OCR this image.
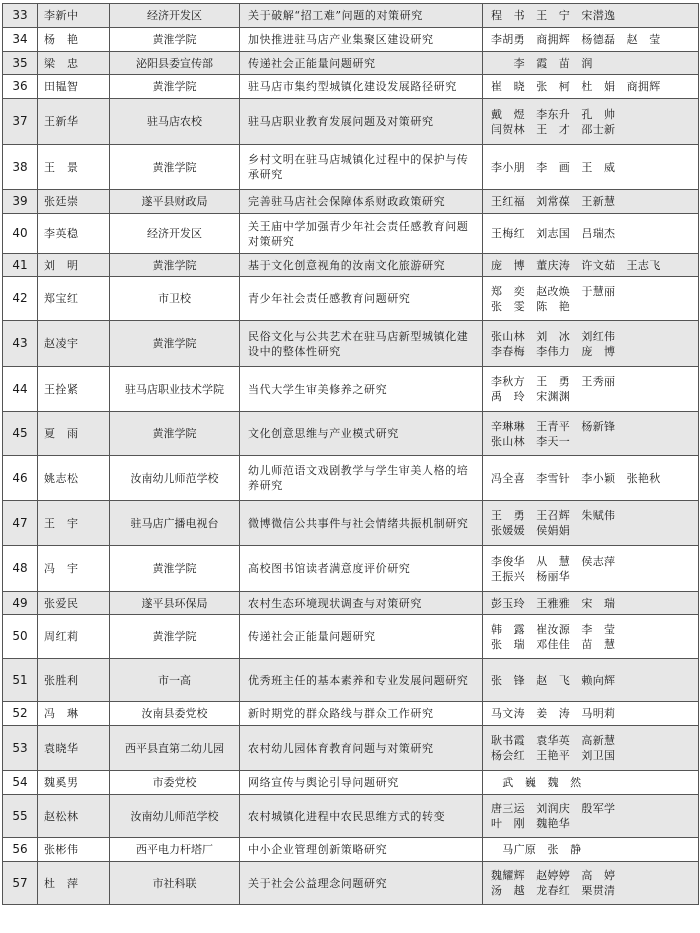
33	李新中	经济开发区	关于破解“招工难”问题的对策研究	程　书　王　宁　宋潜逸

34	杨　艳	黄淮学院	加快推进驻马店产业集聚区建设研究	李胡勇　商拥辉　杨德磊　赵　莹

35	梁　忠	泌阳县委宣传部	传递社会正能量问题研究	　　李　霞　苗　润

36	田韫智	黄淮学院	驻马店市集约型城镇化建设发展路径研究	崔　晓　张　柯　杜　娟　商拥辉

37	王新华	驻马店农校	驻马店职业教育发展问题及对策研究	戴　煜　李东升　孔　帅
闫贺林　王　才　邵士新

38	王　景	黄淮学院	乡村文明在驻马店城镇化过程中的保护与传承研究	李小朋　李　画　王　威

39	张廷崇	遂平县财政局	完善驻马店社会保障体系财政政策研究	王红福　刘常葆　王新慧

40	李英稳	经济开发区	关王庙中学加强青少年社会责任感教育问题对策研究	王梅红　刘志国　吕瑞杰

41	刘　明	黄淮学院	基于文化创意视角的汝南文化旅游研究	庞　博　董庆涛　许文茹　王志飞

42	郑宝红	市卫校	青少年社会责任感教育问题研究	郑　奕　赵改焕　于慧丽
张　雯　陈　艳

43	赵凌宇	黄淮学院	民俗文化与公共艺术在驻马店新型城镇化建设中的整体性研究	张山林　刘　冰　刘红伟
李春梅　李伟力　庞　博

44	王拴紧	驻马店职业技术学院	当代大学生审美修养之研究	李秋方　王　勇　王秀丽
禹　玲　宋渊渊

45	夏　雨	黄淮学院	文化创意思维与产业模式研究	辛琳琳　王青平　杨新锋
张山林　李天一

46	姚志松	汝南幼儿师范学校	幼儿师范语文戏剧教学与学生审美人格的培养研究	冯全喜　李雪针　李小颖　张艳秋

47	王　宇	驻马店广播电视台	微博微信公共事件与社会情绪共振机制研究	王　勇　王召辉　朱赋伟
张媛媛　侯娟娟

48	冯　宇	黄淮学院	高校图书馆读者满意度评价研究	李俊华　从　慧　侯志萍
王振兴　杨丽华

49	张爱民	遂平县环保局	农村生态环境现状调查与对策研究	彭玉玲　王雅雅　宋　瑞

50	周红莉	黄淮学院	传递社会正能量问题研究	韩　露　崔汝源　李　莹
张　瑞　邓佳佳　苗　慧

51	张胜利	市一高	优秀班主任的基本素养和专业发展问题研究	张　锋　赵　飞　赖向辉

52	冯　琳	汝南县委党校	新时期党的群众路线与群众工作研究	马文涛　姜　涛　马明莉

53	袁晓华	西平县直第二幼儿园	农村幼儿园体育教育问题与对策研究	耿书霞　袁华英　高新慧
杨会红　王艳平　刘卫国

54	魏奚男	市委党校	网络宣传与舆论引导问题研究	　武　巍　魏　然

55	赵松林	汝南幼儿师范学校	农村城镇化进程中农民思维方式的转变	唐三运　刘润庆　殷军学
叶　刚　魏艳华

56	张彬伟	西平电力杆塔厂	中小企业管理创新策略研究	　马广原　张　静

57	杜　萍	市社科联	关于社会公益理念问题研究	魏耀辉　赵婷婷　高　婷
汤　越　龙春红　栗贯清
